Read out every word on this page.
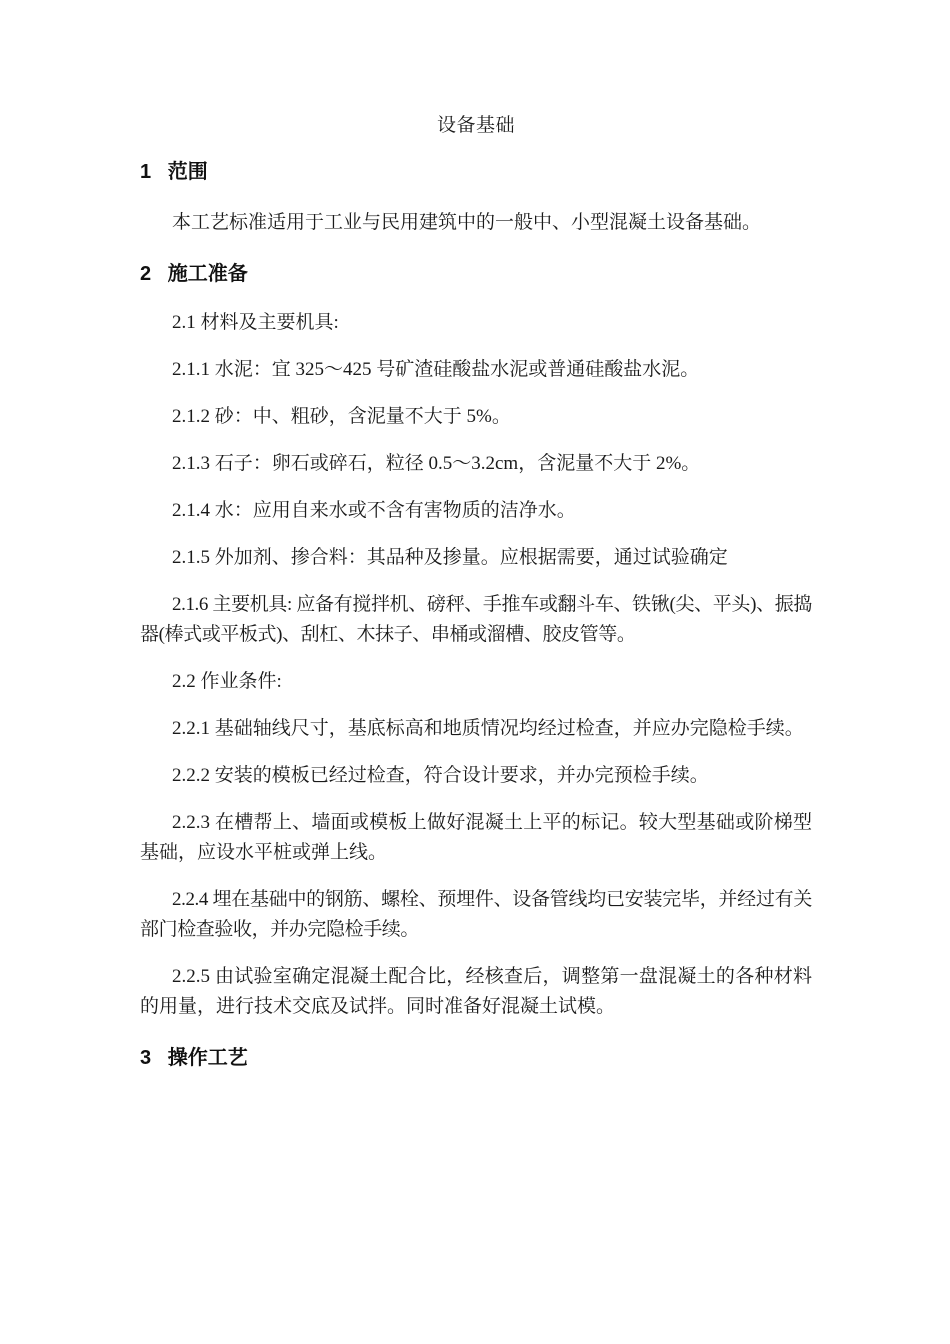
设备基础
1 范围
本工艺标准适用于工业与民用建筑中的一般中、小型混凝土设备基础。
2 施工准备
2.1 材料及主要机具:
2.1.1 水泥：宜 325～425 号矿渣硅酸盐水泥或普通硅酸盐水泥。
2.1.2 砂：中、粗砂，含泥量不大于 5%。
2.1.3 石子：卵石或碎石，粒径 0.5～3.2cm，含泥量不大于 2%。
2.1.4 水：应用自来水或不含有害物质的洁净水。
2.1.5 外加剂、掺合料：其品种及掺量。应根据需要，通过试验确定
2.1.6 主要机具: 应备有搅拌机、磅秤、手推车或翻斗车、铁锹(尖、平头)、振捣器(棒式或平板式)、刮杠、木抹子、串桶或溜槽、胶皮管等。
2.2 作业条件:
2.2.1 基础轴线尺寸，基底标高和地质情况均经过检查，并应办完隐检手续。
2.2.2 安装的模板已经过检查，符合设计要求，并办完预检手续。
2.2.3 在槽帮上、墙面或模板上做好混凝土上平的标记。较大型基础或阶梯型基础，应设水平桩或弹上线。
2.2.4 埋在基础中的钢筋、螺栓、预埋件、设备管线均已安装完毕，并经过有关部门检查验收，并办完隐检手续。
2.2.5 由试验室确定混凝土配合比，经核查后，调整第一盘混凝土的各种材料的用量，进行技术交底及试拌。同时准备好混凝土试模。
3 操作工艺
